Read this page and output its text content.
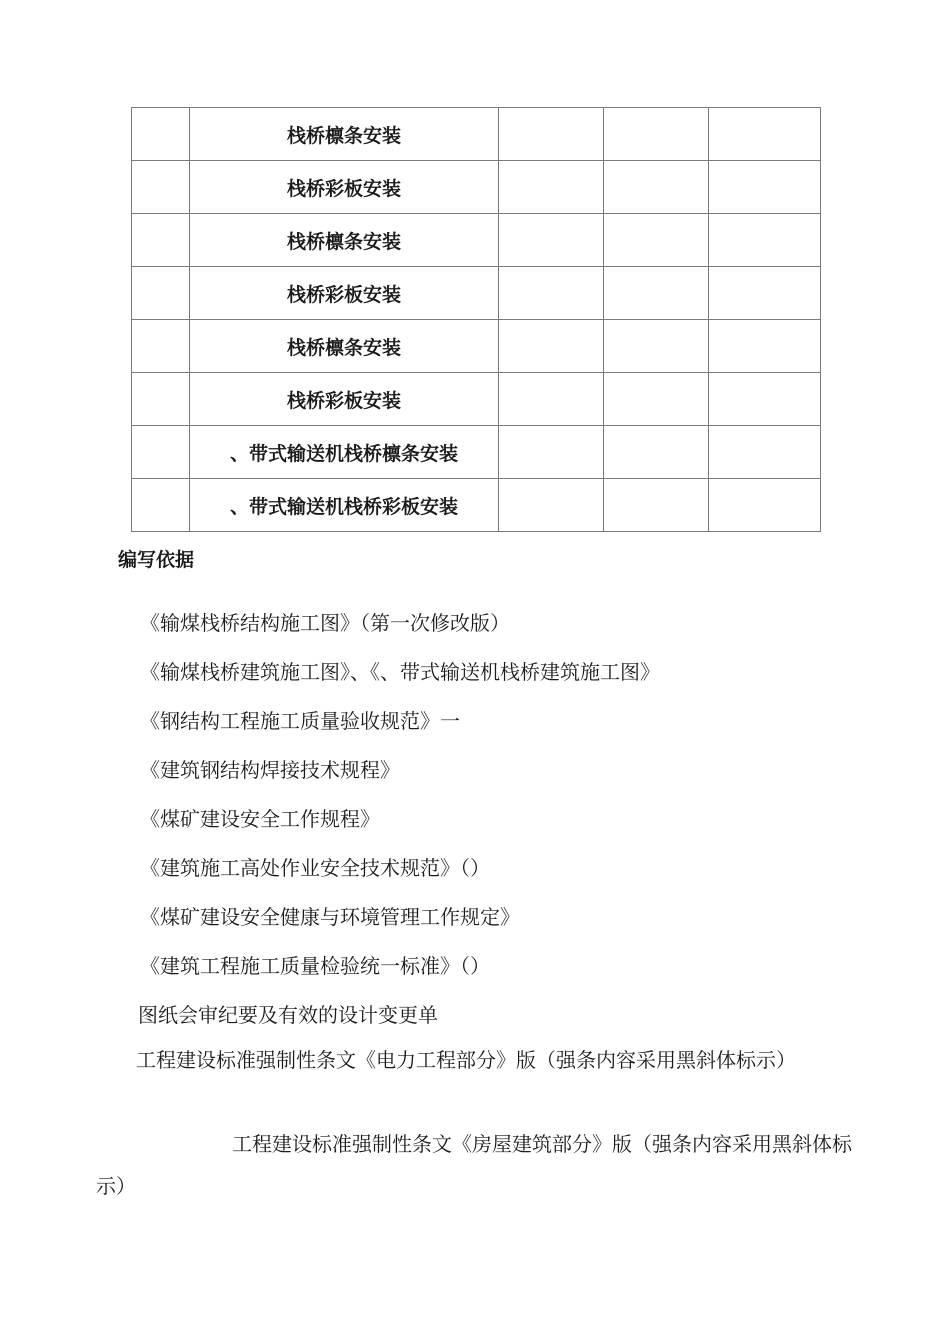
	栈桥檩条安装			
	栈桥彩板安装			
	栈桥檩条安装			
	栈桥彩板安装			
	栈桥檩条安装			
	栈桥彩板安装			
	、带式输送机栈桥檩条安装			
	、带式输送机栈桥彩板安装			
编写依据
《输煤栈桥结构施工图》（第一次修改版）
《输煤栈桥建筑施工图》、《、带式输送机栈桥建筑施工图》
《钢结构工程施工质量验收规范》一
《建筑钢结构焊接技术规程》
《煤矿建设安全工作规程》
《建筑施工高处作业安全技术规范》（）
《煤矿建设安全健康与环境管理工作规定》
《建筑工程施工质量检验统一标准》（）
图纸会审纪要及有效的设计变更单
工程建设标准强制性条文《电力工程部分》版（强条内容采用黑斜体标示）
工程建设标准强制性条文《房屋建筑部分》版（强条内容采用黑斜体标示）
